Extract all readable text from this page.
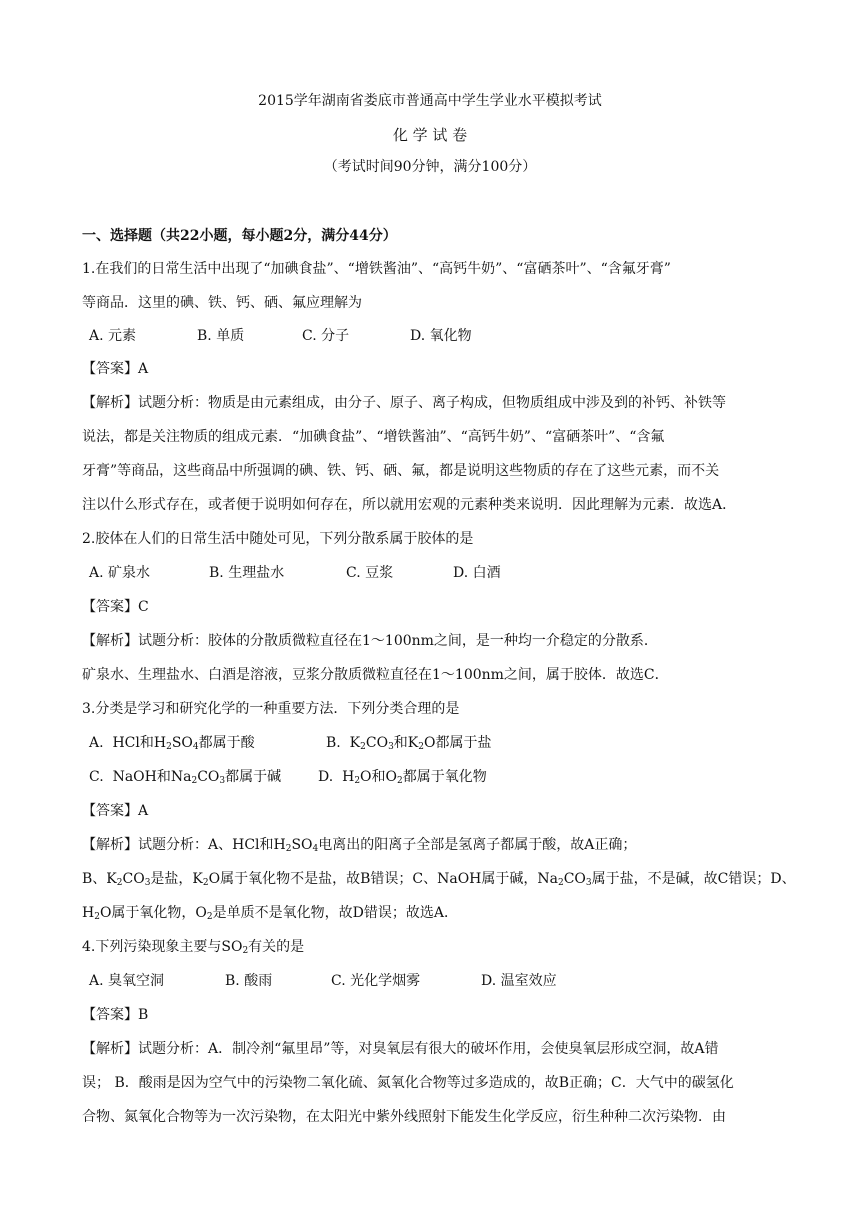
2015学年湖南省娄底市普通高中学生学业水平模拟考试
化 学 试 卷
（考试时间90分钟，满分100分）
一、选择题（共22小题，每小题2分，满分44分）
1.在我们的日常生活中出现了“加碘食盐”、“增铁酱油”、“高钙牛奶”、“富硒茶叶”、“含氟牙膏”
等商品．这里的碘、铁、钙、硒、氟应理解为
A. 元素	B. 单质	C. 分子	D. 氧化物
【答案】A
【解析】试题分析：物质是由元素组成，由分子、原子、离子构成，但物质组成中涉及到的补钙、补铁等
说法，都是关注物质的组成元素．“加碘食盐”、“增铁酱油”、“高钙牛奶”、“富硒茶叶”、“含氟
牙膏”等商品，这些商品中所强调的碘、铁、钙、硒、氟，都是说明这些物质的存在了这些元素，而不关
注以什么形式存在，或者便于说明如何存在，所以就用宏观的元素种类来说明．因此理解为元素．故选A．
2.胶体在人们的日常生活中随处可见，下列分散系属于胶体的是
A. 矿泉水	B. 生理盐水	C. 豆浆	D. 白酒
【答案】C
【解析】试题分析：胶体的分散质微粒直径在1～100nm之间，是一种均一介稳定的分散系．
矿泉水、生理盐水、白酒是溶液，豆浆分散质微粒直径在1～100nm之间，属于胶体．故选C．
3.分类是学习和研究化学的一种重要方法．下列分类合理的是
A. HCl和$H_2SO_4$都属于酸	B. $K_2CO_3$和$K_2O$都属于盐
C. NaOH和$Na_2CO_3$都属于碱	D. $H_2O$和$O_2$都属于氧化物
【答案】A
【解析】试题分析：A、HCl和$H_2SO_4$电离出的阳离子全部是氢离子都属于酸，故A正确；
B、$K_2CO_3$是盐，$K_2O$属于氧化物不是盐，故B错误；C、NaOH属于碱，$Na_2CO_3$属于盐，不是碱，故C错误；D、
$H_2O$属于氧化物，$O_2$是单质不是氧化物，故D错误；故选A．
4.下列污染现象主要与$SO_2$有关的是
A. 臭氧空洞	B. 酸雨	C. 光化学烟雾	D. 温室效应
【答案】B
【解析】试题分析：A．制冷剂“氟里昂”等，对臭氧层有很大的破坏作用，会使臭氧层形成空洞，故A错
误； B．酸雨是因为空气中的污染物二氧化硫、氮氧化合物等过多造成的，故B正确；C．大气中的碳氢化
合物、氮氧化合物等为一次污染物，在太阳光中紫外线照射下能发生化学反应，衍生种种二次污染物．由
